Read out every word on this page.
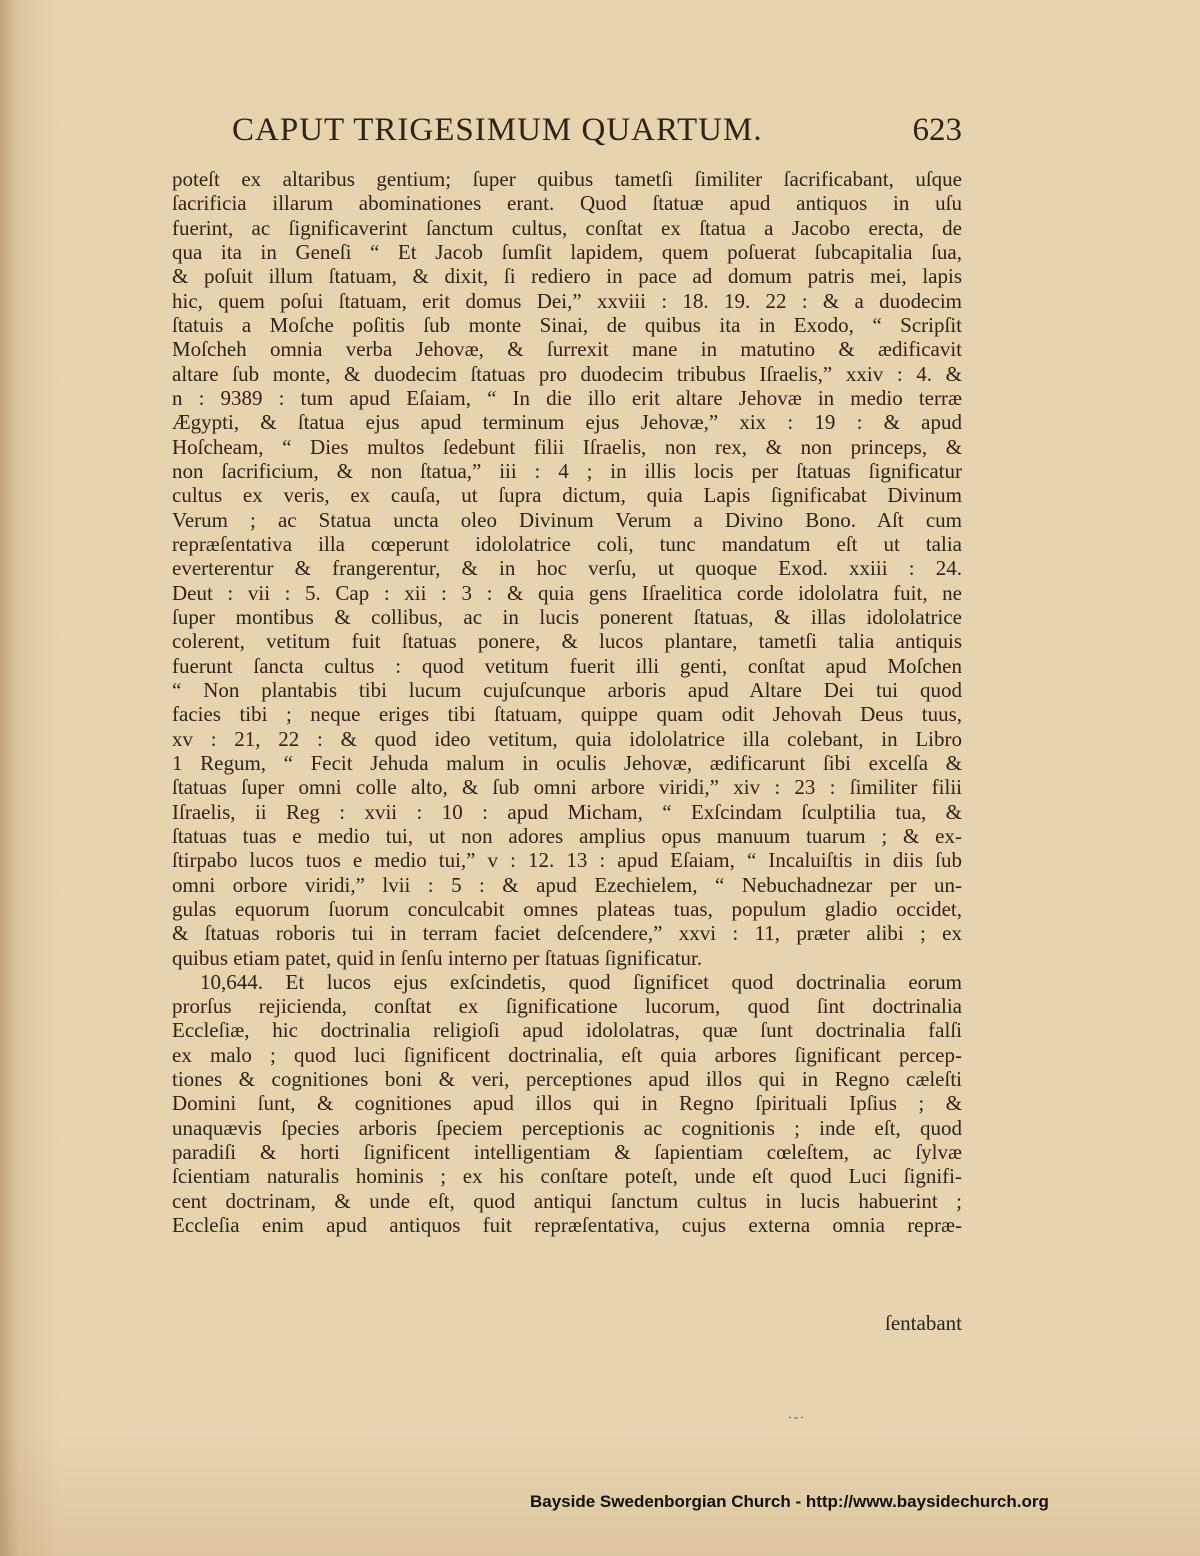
CAPUT TRIGESIMUM QUARTUM.	623
poteſt ex altaribus gentium; ſuper quibus tametſi ſimiliter ſacrificabant, uſque
ſacrificia illarum abominationes erant. Quod ſtatuæ apud antiquos in uſu
fuerint, ac ſignificaverint ſanctum cultus, conſtat ex ſtatua a Jacobo erecta, de
qua ita in Geneſi “ Et Jacob ſumſit lapidem, quem poſuerat ſubcapitalia ſua,
& poſuit illum ſtatuam, & dixit, ſi rediero in pace ad domum patris mei, lapis
hic, quem poſui ſtatuam, erit domus Dei,” xxviii : 18. 19. 22 : & a duodecim
ſtatuis a Moſche poſitis ſub monte Sinai, de quibus ita in Exodo, “ Scripſit
Moſcheh omnia verba Jehovæ, & ſurrexit mane in matutino & ædificavit
altare ſub monte, & duodecim ſtatuas pro duodecim tribubus Iſraelis,” xxiv : 4. &
n : 9389 : tum apud Eſaiam, “ In die illo erit altare Jehovæ in medio terræ
Ægypti, & ſtatua ejus apud terminum ejus Jehovæ,” xix : 19 : & apud
Hoſcheam, “ Dies multos ſedebunt filii Iſraelis, non rex, & non princeps, &
non ſacrificium, & non ſtatua,” iii : 4 ; in illis locis per ſtatuas ſignificatur
cultus ex veris, ex cauſa, ut ſupra dictum, quia Lapis ſignificabat Divinum
Verum ; ac Statua uncta oleo Divinum Verum a Divino Bono. Aſt cum
repræſentativa illa cœperunt idololatrice coli, tunc mandatum eſt ut talia
everterentur & frangerentur, & in hoc verſu, ut quoque Exod. xxiii : 24.
Deut : vii : 5. Cap : xii : 3 : & quia gens Iſraelitica corde idololatra fuit, ne
ſuper montibus & collibus, ac in lucis ponerent ſtatuas, & illas idololatrice
colerent, vetitum fuit ſtatuas ponere, & lucos plantare, tametſi talia antiquis
fuerunt ſancta cultus : quod vetitum fuerit illi genti, conſtat apud Moſchen
“ Non plantabis tibi lucum cujuſcunque arboris apud Altare Dei tui quod
facies tibi ; neque eriges tibi ſtatuam, quippe quam odit Jehovah Deus tuus,
xv : 21, 22 : & quod ideo vetitum, quia idololatrice illa colebant, in Libro
1 Regum, “ Fecit Jehuda malum in oculis Jehovæ, ædificarunt ſibi excelſa &
ſtatuas ſuper omni colle alto, & ſub omni arbore viridi,” xiv : 23 : ſimiliter filii
Iſraelis, ii Reg : xvii : 10 : apud Micham, “ Exſcindam ſculptilia tua, &
ſtatuas tuas e medio tui, ut non adores amplius opus manuum tuarum ; & ex-
ſtirpabo lucos tuos e medio tui,” v : 12. 13 : apud Eſaiam, “ Incaluiſtis in diis ſub
omni orbore viridi,” lvii : 5 : & apud Ezechielem, “ Nebuchadnezar per un-
gulas equorum ſuorum conculcabit omnes plateas tuas, populum gladio occidet,
& ſtatuas roboris tui in terram faciet deſcendere,” xxvi : 11, præter alibi ; ex
quibus etiam patet, quid in ſenſu interno per ſtatuas ſignificatur.
10,644. Et lucos ejus exſcindetis, quod ſignificet quod doctrinalia eorum
prorſus rejicienda, conſtat ex ſignificatione lucorum, quod ſint doctrinalia
Eccleſiæ, hic doctrinalia religioſi apud idololatras, quæ ſunt doctrinalia falſi
ex malo ; quod luci ſignificent doctrinalia, eſt quia arbores ſignificant percep-
tiones & cognitiones boni & veri, perceptiones apud illos qui in Regno cæleſti
Domini ſunt, & cognitiones apud illos qui in Regno ſpirituali Ipſius ; &
unaquævis ſpecies arboris ſpeciem perceptionis ac cognitionis ; inde eſt, quod
paradiſi & horti ſignificent intelligentiam & ſapientiam cœleſtem, ac ſylvæ
ſcientiam naturalis hominis ; ex his conſtare poteſt, unde eſt quod Luci ſignifi-
cent doctrinam, & unde eſt, quod antiqui ſanctum cultus in lucis habuerint ;
Eccleſia enim apud antiquos fuit repræſentativa, cujus externa omnia repræ-
ſentabant
·-·
Bayside Swedenborgian Church - http://www.baysidechurch.org
